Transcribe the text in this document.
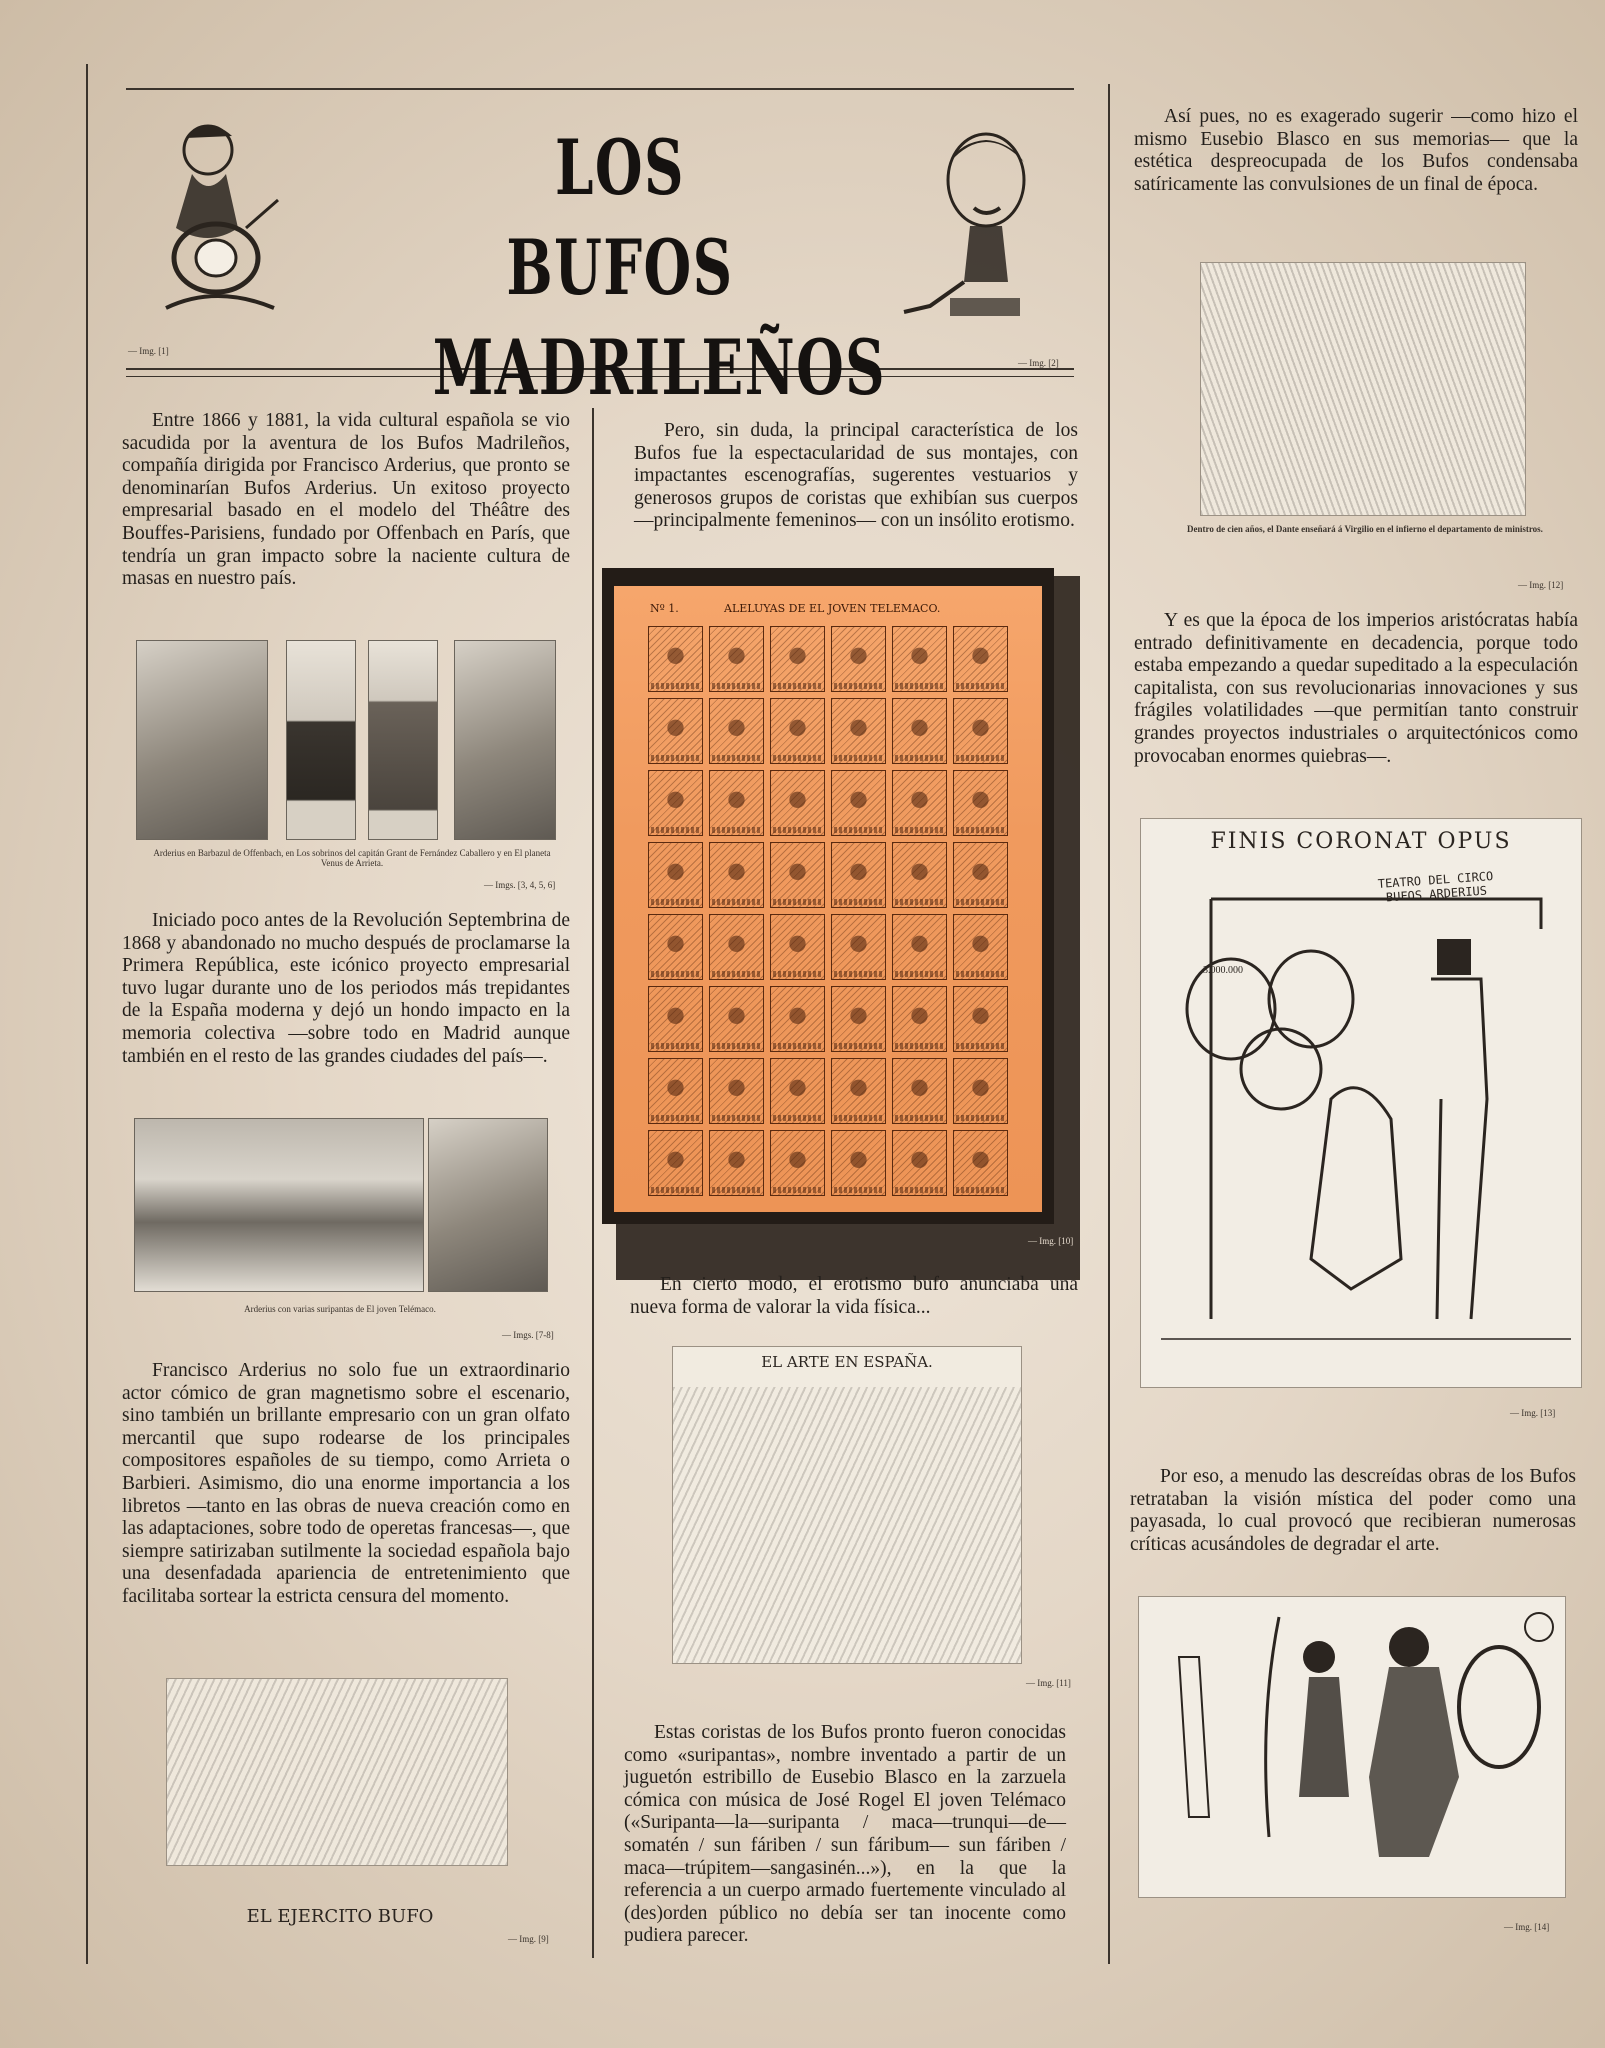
LOS BUFOS
MADRILEÑOS
— Img. [1]
— Img. [2]
Entre 1866 y 1881, la vida cultural española se vio sacudida por la aventura de los Bufos Madrileños, compañía dirigida por Francisco Arderius, que pronto se denominarían Bufos Arderius. Un exitoso proyecto empresarial basado en el modelo del Théâtre des Bouffes-Parisiens, fundado por Offenbach en París, que tendría un gran impacto sobre la naciente cultura de masas en nuestro país.
Arderius en Barbazul de Offenbach, en Los sobrinos del capitán Grant de Fernández Caballero y en El planeta Venus de Arrieta.
— Imgs. [3, 4, 5, 6]
Iniciado poco antes de la Revolución Septembrina de 1868 y abandonado no mucho después de proclamarse la Primera República, este icónico proyecto empresarial tuvo lugar durante uno de los periodos más trepidantes de la España moderna y dejó un hondo impacto en la memoria colectiva —sobre todo en Madrid aunque también en el resto de las grandes ciudades del país—.
Arderius con varias suripantas de El joven Telémaco.
— Imgs. [7-8]
Francisco Arderius no solo fue un extraordinario actor cómico de gran magnetismo sobre el escenario, sino también un brillante empresario con un gran olfato mercantil que supo rodearse de los principales compositores españoles de su tiempo, como Arrieta o Barbieri. Asimismo, dio una enorme importancia a los libretos —tanto en las obras de nueva creación como en las adaptaciones, sobre todo de operetas francesas—, que siempre satirizaban sutilmente la sociedad española bajo una desenfadada apariencia de entretenimiento que facilitaba sortear la estricta censura del momento.
EL EJERCITO BUFO
— Img. [9]
Pero, sin duda, la principal característica de los Bufos fue la espectacularidad de sus montajes, con impactantes escenografías, sugerentes vestuarios y generosos grupos de coristas que exhibían sus cuerpos —principalmente femeninos— con un insólito erotismo.
Nº 1.	ALELUYAS DE EL JOVEN TELEMACO.
— Img. [10]
En cierto modo, el erotismo bufo anunciaba una nueva forma de valorar la vida física...
EL ARTE EN ESPAÑA.
— Img. [11]
Estas coristas de los Bufos pronto fueron conocidas como «suripantas», nombre inventado a partir de un juguetón estribillo de Eusebio Blasco en la zarzuela cómica con música de José Rogel El joven Telémaco («Suripanta—la—suripanta / maca—trunqui—de—somatén / sun fáriben / sun fáribum— sun fáriben / maca—trúpitem—sangasinén...»), en la que la referencia a un cuerpo armado fuertemente vinculado al (des)orden público no debía ser tan inocente como pudiera parecer.
Así pues, no es exagerado sugerir —como hizo el mismo Eusebio Blasco en sus memorias— que la estética despreocupada de los Bufos condensaba satíricamente las convulsiones de un final de época.
Dentro de cien años, el Dante enseñará á Virgilio en el infierno el departamento de ministros.
— Img. [12]
Y es que la época de los imperios aristócratas había entrado definitivamente en decadencia, porque todo estaba empezando a quedar supeditado a la especulación capitalista, con sus revolucionarias innovaciones y sus frágiles volatilidades —que permitían tanto construir grandes proyectos industriales o arquitectónicos como provocaban enormes quiebras—.
FINIS CORONAT OPUS
TEATRO DEL CIRCO BUFOS ARDERIUS
3.000.000
— Img. [13]
Por eso, a menudo las descreídas obras de los Bufos retrataban la visión mística del poder como una payasada, lo cual provocó que recibieran numerosas críticas acusándoles de degradar el arte.
— Img. [14]
